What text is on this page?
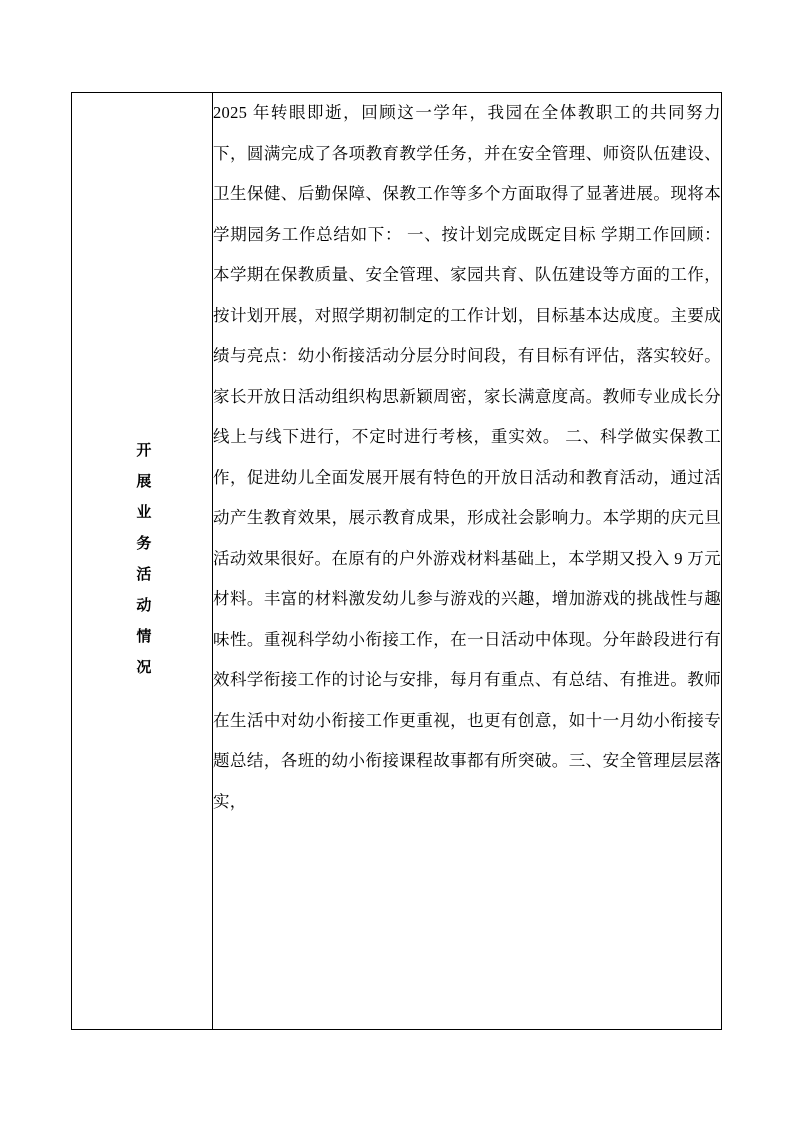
开 展 业 务 活 动 情 况

2025 年转眼即逝，回顾这一学年，我园在全体教职工的共同努力下，圆满完成了各项教育教学任务，并在安全管理、师资队伍建设、卫生保健、后勤保障、保教工作等多个方面取得了显著进展。现将本学期园务工作总结如下： 一、按计划完成既定目标 学期工作回顾：本学期在保教质量、安全管理、家园共育、队伍建设等方面的工作，按计划开展，对照学期初制定的工作计划，目标基本达成度。主要成绩与亮点：幼小衔接活动分层分时间段，有目标有评估，落实较好。家长开放日活动组织构思新颖周密，家长满意度高。教师专业成长分线上与线下进行，不定时进行考核，重实效。 二、科学做实保教工作，促进幼儿全面发展开展有特色的开放日活动和教育活动，通过活动产生教育效果，展示教育成果，形成社会影响力。本学期的庆元旦活动效果很好。在原有的户外游戏材料基础上，本学期又投入 9 万元材料。丰富的材料激发幼儿参与游戏的兴趣，增加游戏的挑战性与趣味性。重视科学幼小衔接工作，在一日活动中体现。分年龄段进行有效科学衔接工作的讨论与安排，每月有重点、有总结、有推进。教师在生活中对幼小衔接工作更重视，也更有创意，如十一月幼小衔接专题总结，各班的幼小衔接课程故事都有所突破。三、安全管理层层落实，
